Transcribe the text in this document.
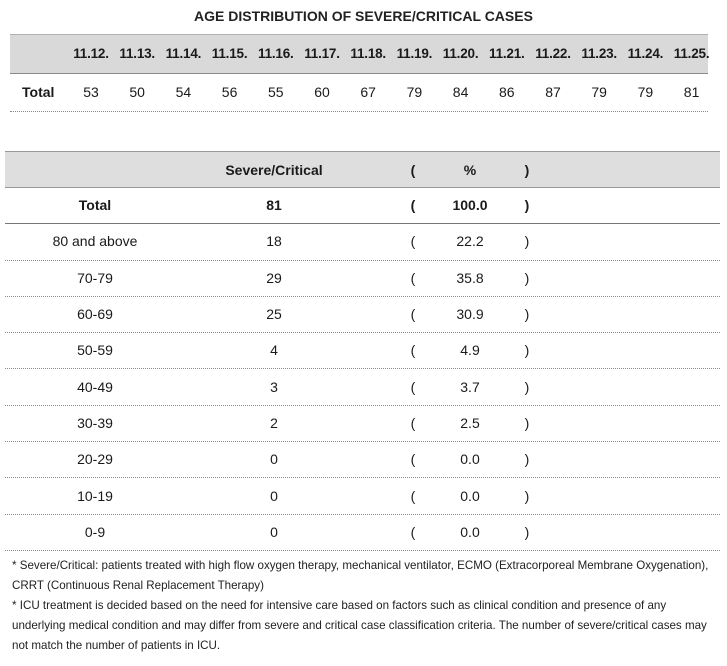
AGE DISTRIBUTION OF SEVERE/CRITICAL CASES
11.12. 11.13. 11.14. 11.15. 11.16. 11.17. 11.18. 11.19. 11.20. 11.21. 11.22. 11.23. 11.24. 11.25.
Total	53	50	54	56	55	60	67	79	84	86	87	79	79	81
Severe/Critical	(	%	)
Total	81	(	100.0	)
80 and above	18	(	22.2	)
70-79	29	(	35.8	)
60-69	25	(	30.9	)
50-59	4	(	4.9	)
40-49	3	(	3.7	)
30-39	2	(	2.5	)
20-29	0	(	0.0	)
10-19	0	(	0.0	)
0-9	0	(	0.0	)

* Severe/Critical: patients treated with high flow oxygen therapy, mechanical ventilator, ECMO (Extracorporeal Membrane Oxygenation), CRRT (Continuous Renal Replacement Therapy)

* ICU treatment is decided based on the need for intensive care based on factors such as clinical condition and presence of any underlying medical condition and may differ from severe and critical case classification criteria. The number of severe/critical cases may not match the number of patients in ICU.
